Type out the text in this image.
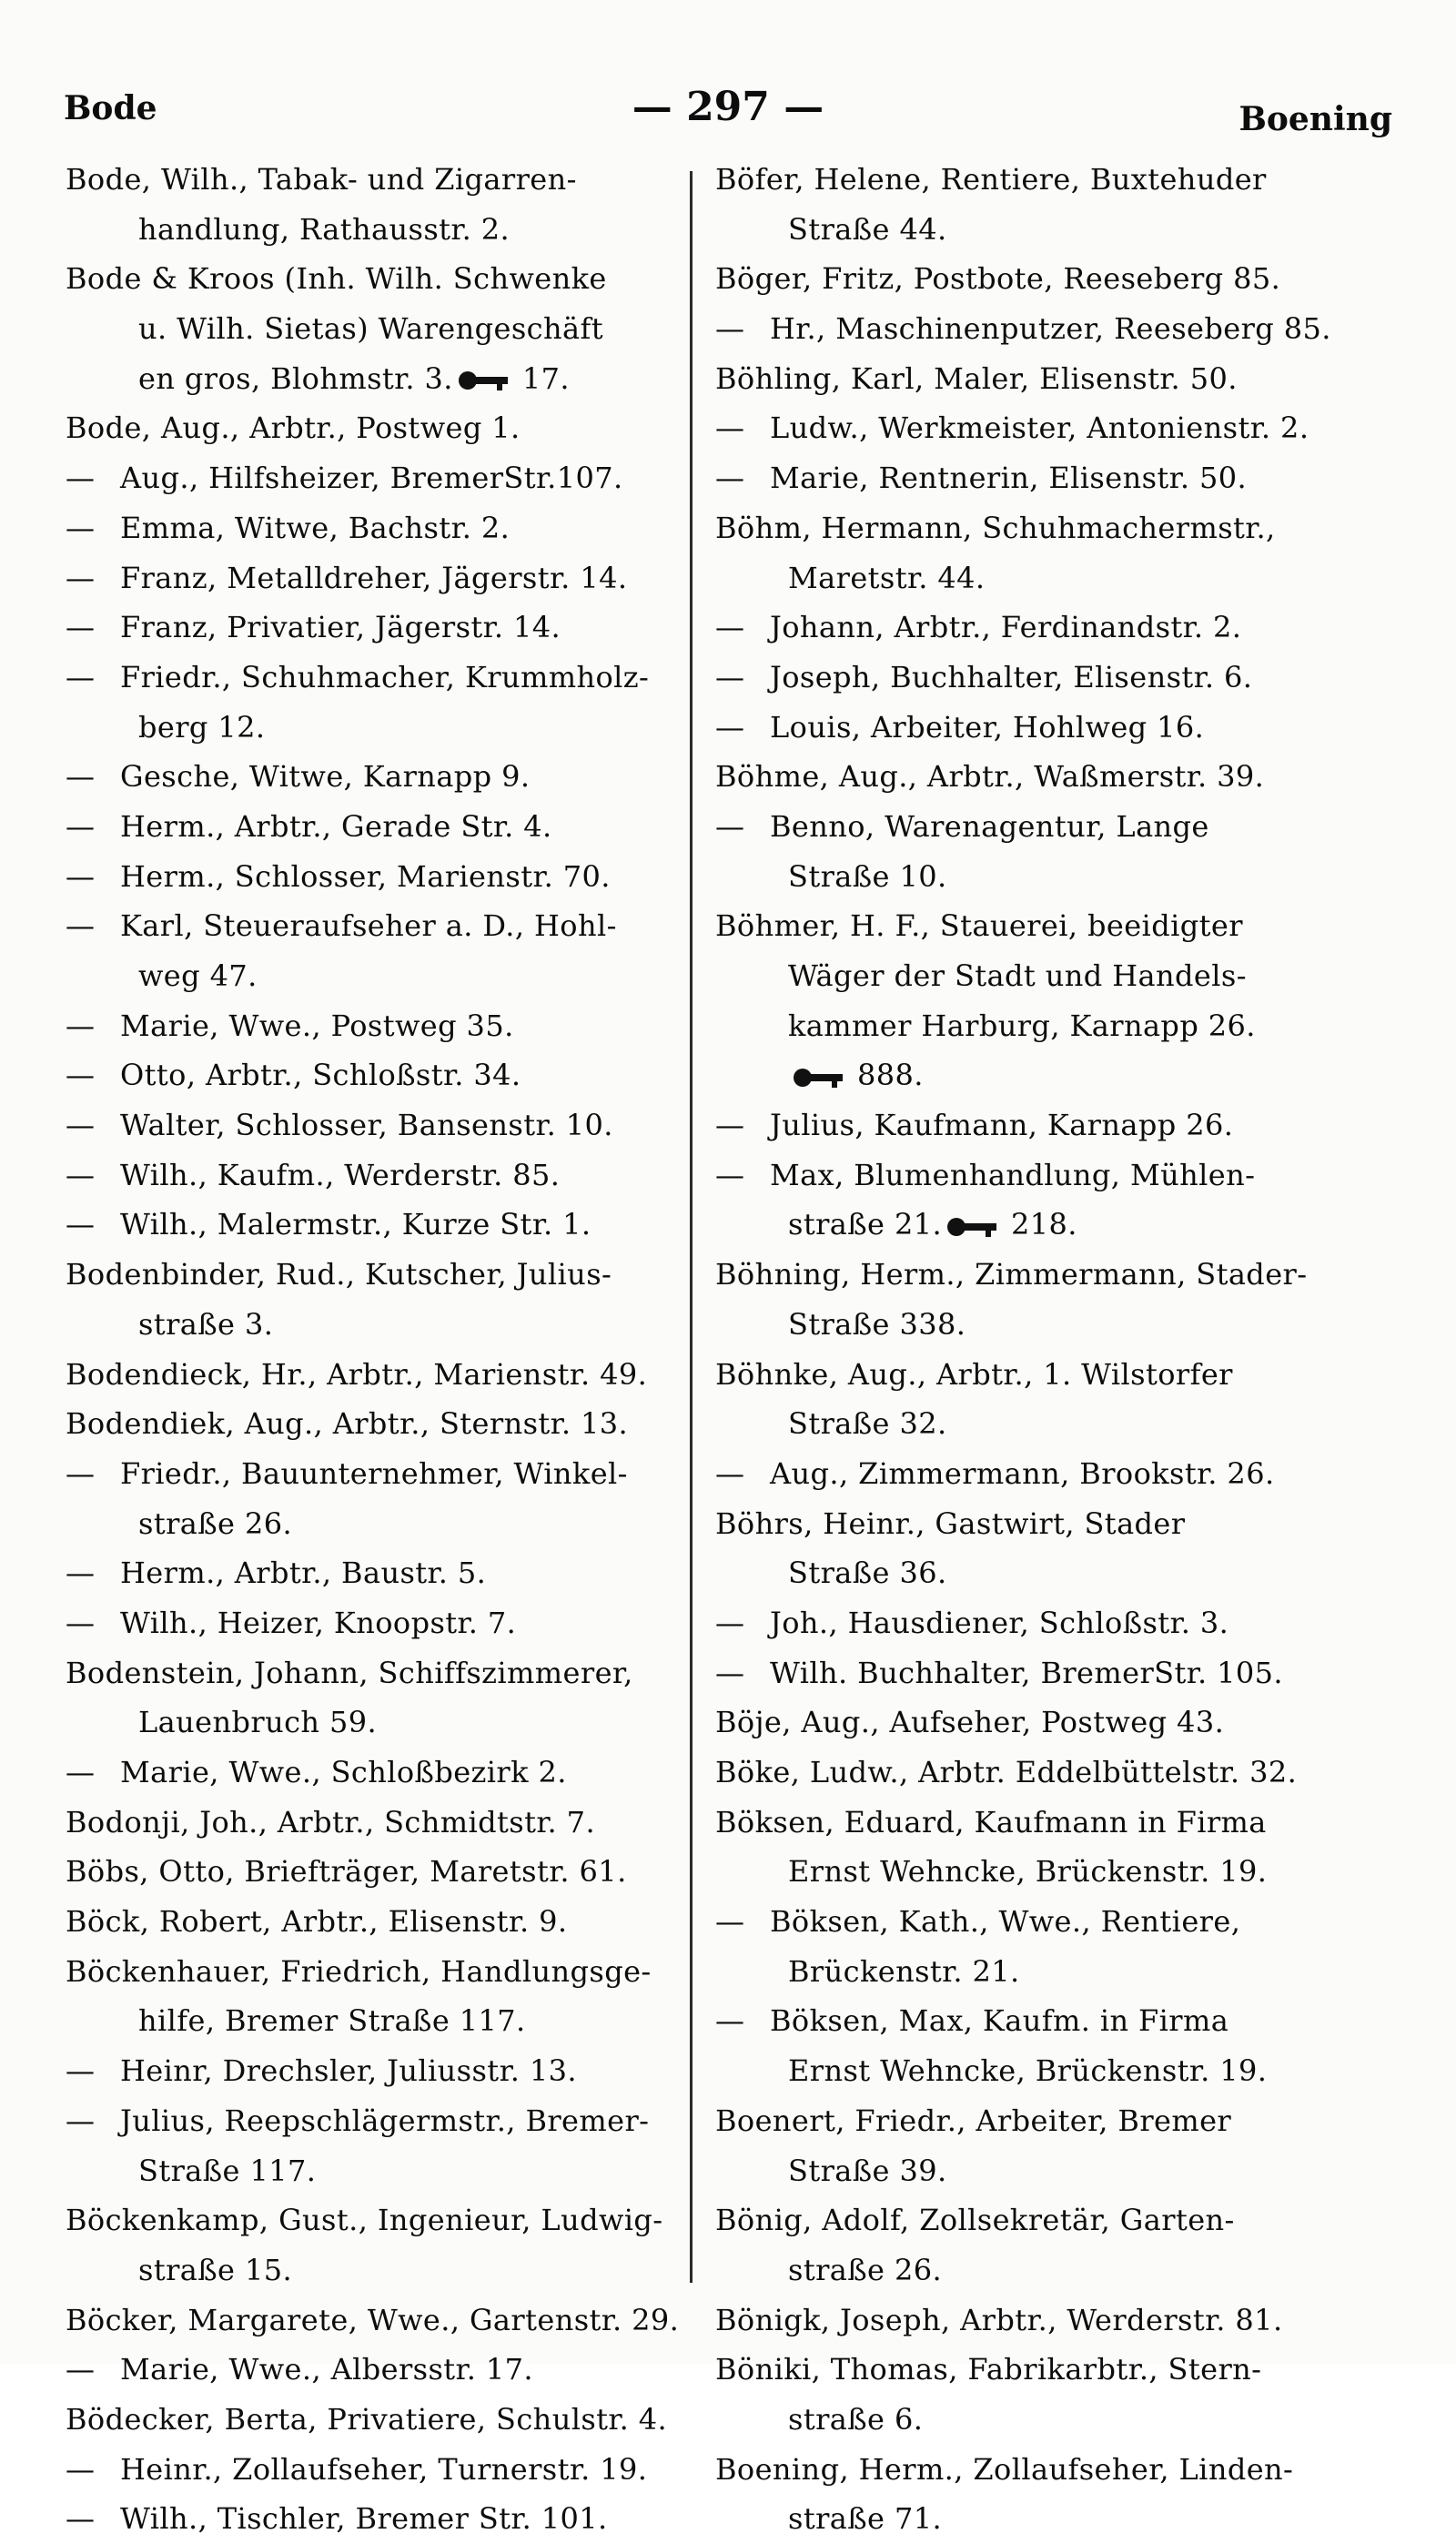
Bode	— 297 —	Boening
Bode, Wilh., Tabak- und Zigarren-
handlung, Rathausstr. 2.
Bode & Kroos (Inh. Wilh. Schwenke
u. Wilh. Sietas) Warengeschäft
en gros, Blohmstr. 3. 17.
Bode, Aug., Arbtr., Postweg 1.
— Aug., Hilfsheizer, BremerStr.107.
— Emma, Witwe, Bachstr. 2.
— Franz, Metalldreher, Jägerstr. 14.
— Franz, Privatier, Jägerstr. 14.
— Friedr., Schuhmacher, Krummholz-
berg 12.
— Gesche, Witwe, Karnapp 9.
— Herm., Arbtr., Gerade Str. 4.
— Herm., Schlosser, Marienstr. 70.
— Karl, Steueraufseher a. D., Hohl-
weg 47.
— Marie, Wwe., Postweg 35.
— Otto, Arbtr., Schloßstr. 34.
— Walter, Schlosser, Bansenstr. 10.
— Wilh., Kaufm., Werderstr. 85.
— Wilh., Malermstr., Kurze Str. 1.
Bodenbinder, Rud., Kutscher, Julius-
straße 3.
Bodendieck, Hr., Arbtr., Marienstr. 49.
Bodendiek, Aug., Arbtr., Sternstr. 13.
— Friedr., Bauunternehmer, Winkel-
straße 26.
— Herm., Arbtr., Baustr. 5.
— Wilh., Heizer, Knoopstr. 7.
Bodenstein, Johann, Schiffszimmerer,
Lauenbruch 59.
— Marie, Wwe., Schloßbezirk 2.
Bodonji, Joh., Arbtr., Schmidtstr. 7.
Böbs, Otto, Briefträger, Maretstr. 61.
Böck, Robert, Arbtr., Elisenstr. 9.
Böckenhauer, Friedrich, Handlungsge-
hilfe, Bremer Straße 117.
— Heinr, Drechsler, Juliusstr. 13.
— Julius, Reepschlägermstr., Bremer-
Straße 117.
Böckenkamp, Gust., Ingenieur, Ludwig-
straße 15.
Böcker, Margarete, Wwe., Gartenstr. 29.
— Marie, Wwe., Albersstr. 17.
Bödecker, Berta, Privatiere, Schulstr. 4.
— Heinr., Zollaufseher, Turnerstr. 19.
— Wilh., Tischler, Bremer Str. 101.
Böfer, Helene, Rentiere, Buxtehuder
Straße 44.
Böger, Fritz, Postbote, Reeseberg 85.
— Hr., Maschinenputzer, Reeseberg 85.
Böhling, Karl, Maler, Elisenstr. 50.
— Ludw., Werkmeister, Antonienstr. 2.
— Marie, Rentnerin, Elisenstr. 50.
Böhm, Hermann, Schuhmachermstr.,
Maretstr. 44.
— Johann, Arbtr., Ferdinandstr. 2.
— Joseph, Buchhalter, Elisenstr. 6.
— Louis, Arbeiter, Hohlweg 16.
Böhme, Aug., Arbtr., Waßmerstr. 39.
— Benno, Warenagentur, Lange
Straße 10.
Böhmer, H. F., Stauerei, beeidigter
Wäger der Stadt und Handels-
kammer Harburg, Karnapp 26.
888.
— Julius, Kaufmann, Karnapp 26.
— Max, Blumenhandlung, Mühlen-
straße 21. 218.
Böhning, Herm., Zimmermann, Stader-
Straße 338.
Böhnke, Aug., Arbtr., 1. Wilstorfer
Straße 32.
— Aug., Zimmermann, Brookstr. 26.
Böhrs, Heinr., Gastwirt, Stader
Straße 36.
— Joh., Hausdiener, Schloßstr. 3.
— Wilh. Buchhalter, BremerStr. 105.
Böje, Aug., Aufseher, Postweg 43.
Böke, Ludw., Arbtr. Eddelbüttelstr. 32.
Böksen, Eduard, Kaufmann in Firma
Ernst Wehncke, Brückenstr. 19.
— Böksen, Kath., Wwe., Rentiere,
Brückenstr. 21.
— Böksen, Max, Kaufm. in Firma
Ernst Wehncke, Brückenstr. 19.
Boenert, Friedr., Arbeiter, Bremer
Straße 39.
Bönig, Adolf, Zollsekretär, Garten-
straße 26.
Bönigk, Joseph, Arbtr., Werderstr. 81.
Böniki, Thomas, Fabrikarbtr., Stern-
straße 6.
Boening, Herm., Zollaufseher, Linden-
straße 71.
